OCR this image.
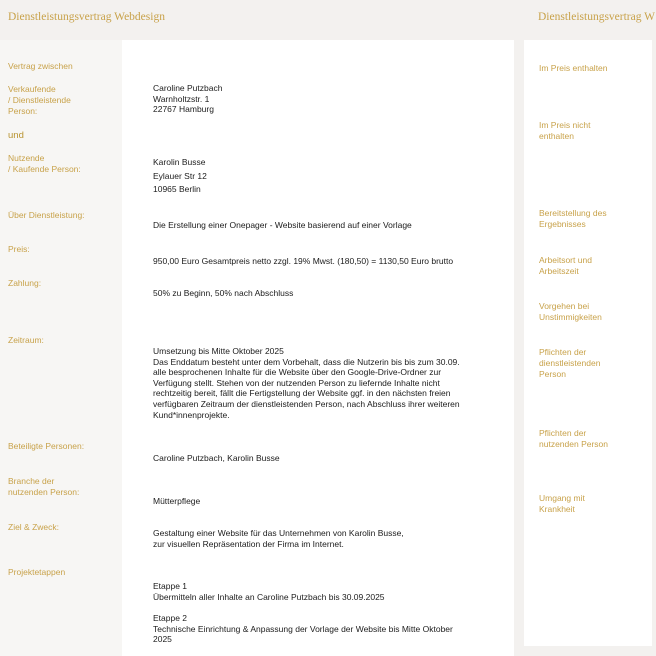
Dienstleistungsvertrag Webdesign	Dienstleistungsvertrag W
Vertrag zwischen
Verkaufende
/ Dienstleistende
Person:
und
Nutzende
/ Kaufende Person:
Über Dienstleistung:
Preis:
Zahlung:
Zeitraum:
Beteiligte Personen:
Branche der
nutzenden Person:
Ziel & Zweck:
Projektetappen
Caroline Putzbach
Warnholtzstr. 1
22767 Hamburg
Karolin Busse
Eylauer Str 12
10965 Berlin
Die Erstellung einer Onepager - Website basierend auf einer Vorlage
950,00 Euro Gesamtpreis netto zzgl. 19% Mwst. (180,50) = 1130,50 Euro brutto
50% zu Beginn, 50% nach Abschluss
Umsetzung bis Mitte Oktober 2025
Das Enddatum besteht unter dem Vorbehalt, dass die Nutzerin bis bis zum 30.09.
alle besprochenen Inhalte für die Website über den Google-Drive-Ordner zur
Verfügung stellt. Stehen von der nutzenden Person zu liefernde Inhalte nicht
rechtzeitig bereit, fällt die Fertigstellung der Website ggf. in den nächsten freien
verfügbaren Zeitraum der dienstleistenden Person, nach Abschluss ihrer weiteren
Kund*innenprojekte.
Caroline Putzbach, Karolin Busse
Mütterpflege
Gestaltung einer Website für das Unternehmen von Karolin Busse,
zur visuellen Repräsentation der Firma im Internet.
Etappe 1
Übermitteln aller Inhalte an Caroline Putzbach bis 30.09.2025
Etappe 2
Technische Einrichtung & Anpassung der Vorlage der Website bis Mitte Oktober
2025
Im Preis enthalten
Im Preis nicht
enthalten
Bereitstellung des
Ergebnisses
Arbeitsort und
Arbeitszeit
Vorgehen bei
Unstimmigkeiten
Pflichten der
dienstleistenden
Person
Pflichten der
nutzenden Person
Umgang mit
Krankheit
